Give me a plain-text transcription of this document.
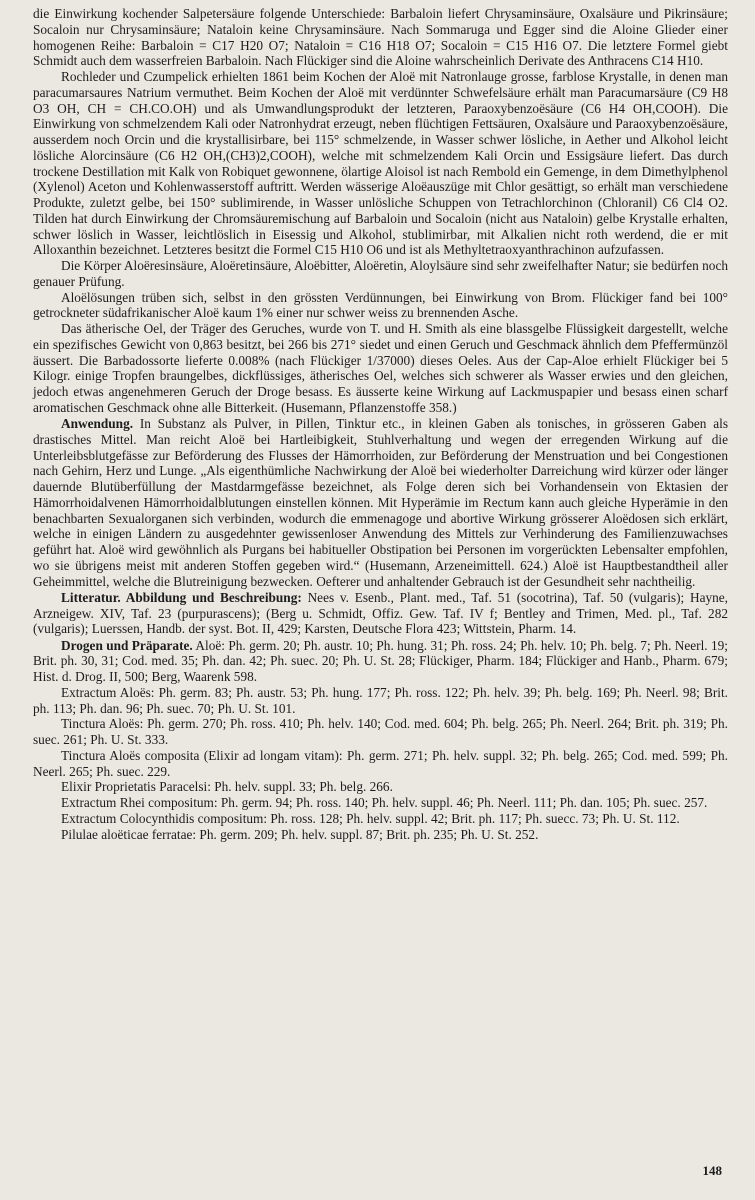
die Einwirkung kochender Salpetersäure folgende Unterschiede: Barbaloin liefert Chrysaminsäure, Oxalsäure und Pikrinsäure; Socaloin nur Chrysaminsäure; Nataloin keine Chrysaminsäure. Nach Sommaruga und Egger sind die Aloine Glieder einer homogenen Reihe: Barbaloin = C17 H20 O7; Nataloin = C16 H18 O7; Socaloin = C15 H16 O7. Die letztere Formel giebt Schmidt auch dem wasserfreien Barbaloin. Nach Flückiger sind die Aloine wahrscheinlich Derivate des Anthracens C14 H10.

Rochleder und Czumpelick erhielten 1861 beim Kochen der Aloë mit Natronlauge grosse, farblose Krystalle, in denen man paracumarsaures Natrium vermuthet. Beim Kochen der Aloë mit verdünnter Schwefelsäure erhält man Paracumarsäure (C9 H8 O3 OH, CH = CH.CO.OH) und als Umwandlungsprodukt der letzteren, Paraoxybenzoësäure (C6 H4 OH,COOH). Die Einwirkung von schmelzendem Kali oder Natronhydrat erzeugt, neben flüchtigen Fettsäuren, Oxalsäure und Paraoxybenzoësäure, ausserdem noch Orcin und die krystallisirbare, bei 115° schmelzende, in Wasser schwer lösliche, in Aether und Alkohol leicht lösliche Alorcinsäure (C6 H2 OH,(CH3)2,COOH), welche mit schmelzendem Kali Orcin und Essigsäure liefert. Das durch trockene Destillation mit Kalk von Robiquet gewonnene, ölartige Aloisol ist nach Rembold ein Gemenge, in dem Dimethylphenol (Xylenol) Aceton und Kohlenwasserstoff auftritt. Werden wässerige Aloëauszüge mit Chlor gesättigt, so erhält man verschiedene Produkte, zuletzt gelbe, bei 150° sublimirende, in Wasser unlösliche Schuppen von Tetrachlorchinon (Chloranil) C6 Cl4 O2. Tilden hat durch Einwirkung der Chromsäuremischung auf Barbaloin und Socaloin (nicht aus Nataloin) gelbe Krystalle erhalten, schwer löslich in Wasser, leichtlöslich in Eisessig und Alkohol, stublimirbar, mit Alkalien nicht roth werdend, die er mit Alloxanthin bezeichnet. Letzteres besitzt die Formel C15 H10 O6 und ist als Methyltetraoxyanthrachinon aufzufassen.

Die Körper Aloëresinsäure, Aloëretinsäure, Aloëbitter, Aloëretin, Aloylsäure sind sehr zweifelhafter Natur; sie bedürfen noch genauer Prüfung.

Aloëlösungen trüben sich, selbst in den grössten Verdünnungen, bei Einwirkung von Brom. Flückiger fand bei 100° getrockneter südafrikanischer Aloë kaum 1% einer nur schwer weiss zu brennenden Asche.

Das ätherische Oel, der Träger des Geruches, wurde von T. und H. Smith als eine blassgelbe Flüssigkeit dargestellt, welche ein spezifisches Gewicht von 0,863 besitzt, bei 266 bis 271° siedet und einen Geruch und Geschmack ähnlich dem Pfeffermünzöl äussert. Die Barbadossorte lieferte 0.008% (nach Flückiger 1/37000) dieses Oeles. Aus der Cap-Aloe erhielt Flückiger bei 5 Kilogr. einige Tropfen braungelbes, dickflüssiges, ätherisches Oel, welches sich schwerer als Wasser erwies und den gleichen, jedoch etwas angenehmeren Geruch der Droge besass. Es äusserte keine Wirkung auf Lackmuspapier und besass einen scharf aromatischen Geschmack ohne alle Bitterkeit. (Husemann, Pflanzenstoffe 358.)

Anwendung. In Substanz als Pulver, in Pillen, Tinktur etc., in kleinen Gaben als tonisches, in grösseren Gaben als drastisches Mittel. Man reicht Aloë bei Hartleibigkeit, Stuhlverhaltung und wegen der erregenden Wirkung auf die Unterleibsblutgefässe zur Beförderung des Flusses der Hämorrhoiden, zur Beförderung der Menstruation und bei Congestionen nach Gehirn, Herz und Lunge. „Als eigenthümliche Nachwirkung der Aloë bei wiederholter Darreichung wird kürzer oder länger dauernde Blutüberfüllung der Mastdarmgefässe bezeichnet, als Folge deren sich bei Vorhandensein von Ektasien der Hämorrhoidalvenen Hämorrhoidalblutungen einstellen können. Mit Hyperämie im Rectum kann auch gleiche Hyperämie in den benachbarten Sexualorganen sich verbinden, wodurch die emmenagoge und abortive Wirkung grösserer Aloëdosen sich erklärt, welche in einigen Ländern zu ausgedehnter gewissenloser Anwendung des Mittels zur Verhinderung des Familienzuwachses geführt hat. Aloë wird gewöhnlich als Purgans bei habitueller Obstipation bei Personen im vorgerückten Lebensalter empfohlen, wo sie übrigens meist mit anderen Stoffen gegeben wird.“ (Husemann, Arzeneimittell. 624.) Aloë ist Hauptbestandtheil aller Geheimmittel, welche die Blutreinigung bezwecken. Oefterer und anhaltender Gebrauch ist der Gesundheit sehr nachtheilig.

Litteratur. Abbildung und Beschreibung: Nees v. Esenb., Plant. med., Taf. 51 (socotrina), Taf. 50 (vulgaris); Hayne, Arzneigew. XIV, Taf. 23 (purpurascens); (Berg u. Schmidt, Offiz. Gew. Taf. IV f; Bentley and Trimen, Med. pl., Taf. 282 (vulgaris); Luerssen, Handb. der syst. Bot. II, 429; Karsten, Deutsche Flora 423; Wittstein, Pharm. 14.

Drogen und Präparate. Aloë: Ph. germ. 20; Ph. austr. 10; Ph. hung. 31; Ph. ross. 24; Ph. helv. 10; Ph. belg. 7; Ph. Neerl. 19; Brit. ph. 30, 31; Cod. med. 35; Ph. dan. 42; Ph. suec. 20; Ph. U. St. 28; Flückiger, Pharm. 184; Flückiger and Hanb., Pharm. 679; Hist. d. Drog. II, 500; Berg, Waarenk 598.

Extractum Aloës: Ph. germ. 83; Ph. austr. 53; Ph. hung. 177; Ph. ross. 122; Ph. helv. 39; Ph. belg. 169; Ph. Neerl. 98; Brit. ph. 113; Ph. dan. 96; Ph. suec. 70; Ph. U. St. 101.

Tinctura Aloës: Ph. germ. 270; Ph. ross. 410; Ph. helv. 140; Cod. med. 604; Ph. belg. 265; Ph. Neerl. 264; Brit. ph. 319; Ph. suec. 261; Ph. U. St. 333.

Tinctura Aloës composita (Elixir ad longam vitam): Ph. germ. 271; Ph. helv. suppl. 32; Ph. belg. 265; Cod. med. 599; Ph. Neerl. 265; Ph. suec. 229.

Elixir Proprietatis Paracelsi: Ph. helv. suppl. 33; Ph. belg. 266.

Extractum Rhei compositum: Ph. germ. 94; Ph. ross. 140; Ph. helv. suppl. 46; Ph. Neerl. 111; Ph. dan. 105; Ph. suec. 257.

Extractum Colocynthidis compositum: Ph. ross. 128; Ph. helv. suppl. 42; Brit. ph. 117; Ph. suecc. 73; Ph. U. St. 112.

Pilulae aloëticae ferratae: Ph. germ. 209; Ph. helv. suppl. 87; Brit. ph. 235; Ph. U. St. 252.

148
